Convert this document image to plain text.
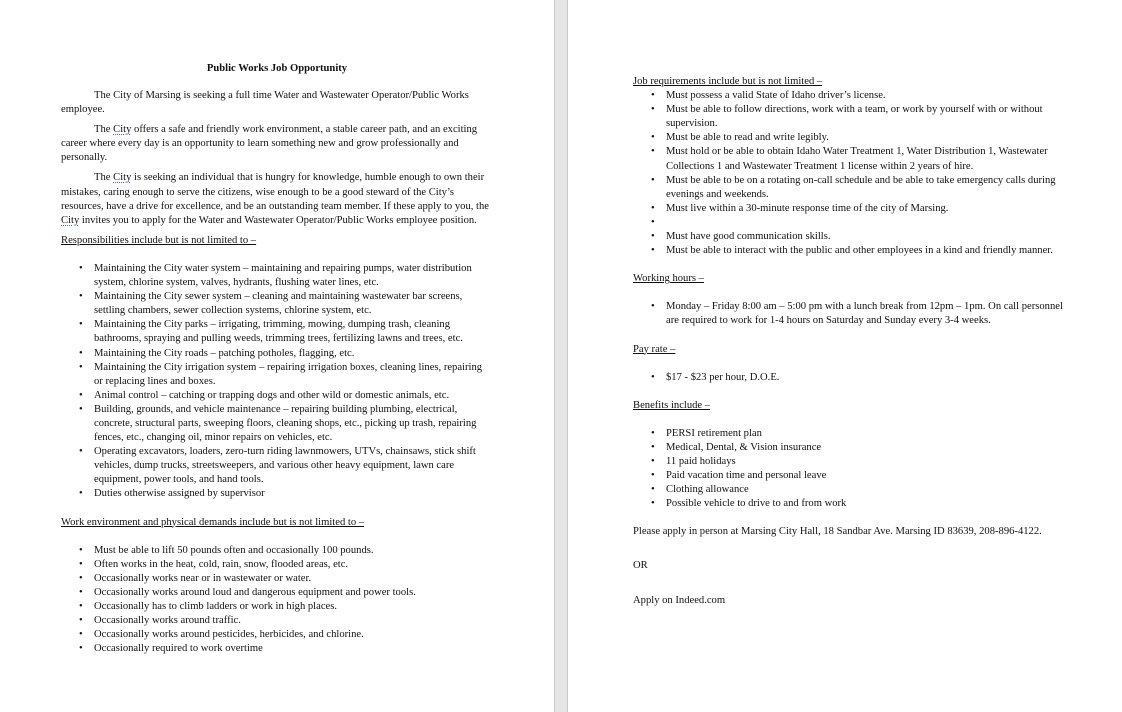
Public Works Job Opportunity

The City of Marsing is seeking a full time Water and Wastewater Operator/Public Works employee.

The City offers a safe and friendly work environment, a stable career path, and an exciting career where every day is an opportunity to learn something new and grow professionally and personally.

The City is seeking an individual that is hungry for knowledge, humble enough to own their mistakes, caring enough to serve the citizens, wise enough to be a good steward of the City’s resources, have a drive for excellence, and be an outstanding team member. If these apply to you, the City invites you to apply for the Water and Wastewater Operator/Public Works employee position.

Responsibilities include but is not limited to –
• Maintaining the City water system – maintaining and repairing pumps, water distribution system, chlorine system, valves, hydrants, flushing water lines, etc.
• Maintaining the City sewer system – cleaning and maintaining wastewater bar screens, settling chambers, sewer collection systems, chlorine system, etc.
• Maintaining the City parks – irrigating, trimming, mowing, dumping trash, cleaning bathrooms, spraying and pulling weeds, trimming trees, fertilizing lawns and trees, etc.
• Maintaining the City roads – patching potholes, flagging, etc.
• Maintaining the City irrigation system – repairing irrigation boxes, cleaning lines, repairing or replacing lines and boxes.
• Animal control – catching or trapping dogs and other wild or domestic animals, etc.
• Building, grounds, and vehicle maintenance – repairing building plumbing, electrical, concrete, structural parts, sweeping floors, cleaning shops, etc., picking up trash, repairing fences, etc., changing oil, minor repairs on vehicles, etc.
• Operating excavators, loaders, zero-turn riding lawnmowers, UTVs, chainsaws, stick shift vehicles, dump trucks, streetsweepers, and various other heavy equipment, lawn care equipment, power tools, and hand tools.
• Duties otherwise assigned by supervisor
Work environment and physical demands include but is not limited to –
• Must be able to lift 50 pounds often and occasionally 100 pounds.
• Often works in the heat, cold, rain, snow, flooded areas, etc.
• Occasionally works near or in wastewater or water.
• Occasionally works around loud and dangerous equipment and power tools.
• Occasionally has to climb ladders or work in high places.
• Occasionally works around traffic.
• Occasionally works around pesticides, herbicides, and chlorine.
• Occasionally required to work overtime
Job requirements include but is not limited –
• Must possess a valid State of Idaho driver’s license.
• Must be able to follow directions, work with a team, or work by yourself with or without supervision.
• Must be able to read and write legibly.
• Must hold or be able to obtain Idaho Water Treatment 1, Water Distribution 1, Wastewater Collections 1 and Wastewater Treatment 1 license within 2 years of hire.
• Must be able to be on a rotating on-call schedule and be able to take emergency calls during evenings and weekends.
• Must live within a 30-minute response time of the city of Marsing.
•
• Must have good communication skills.
• Must be able to interact with the public and other employees in a kind and friendly manner.
Working hours –
• Monday – Friday 8:00 am – 5:00 pm with a lunch break from 12pm – 1pm. On call personnel are required to work for 1-4 hours on Saturday and Sunday every 3-4 weeks.
Pay rate –
• $17 - $23 per hour, D.O.E.
Benefits include –
• PERSI retirement plan
• Medical, Dental, & Vision insurance
• 11 paid holidays
• Paid vacation time and personal leave
• Clothing allowance
• Possible vehicle to drive to and from work

Please apply in person at Marsing City Hall, 18 Sandbar Ave. Marsing ID 83639, 208-896-4122.

OR

Apply on Indeed.com
